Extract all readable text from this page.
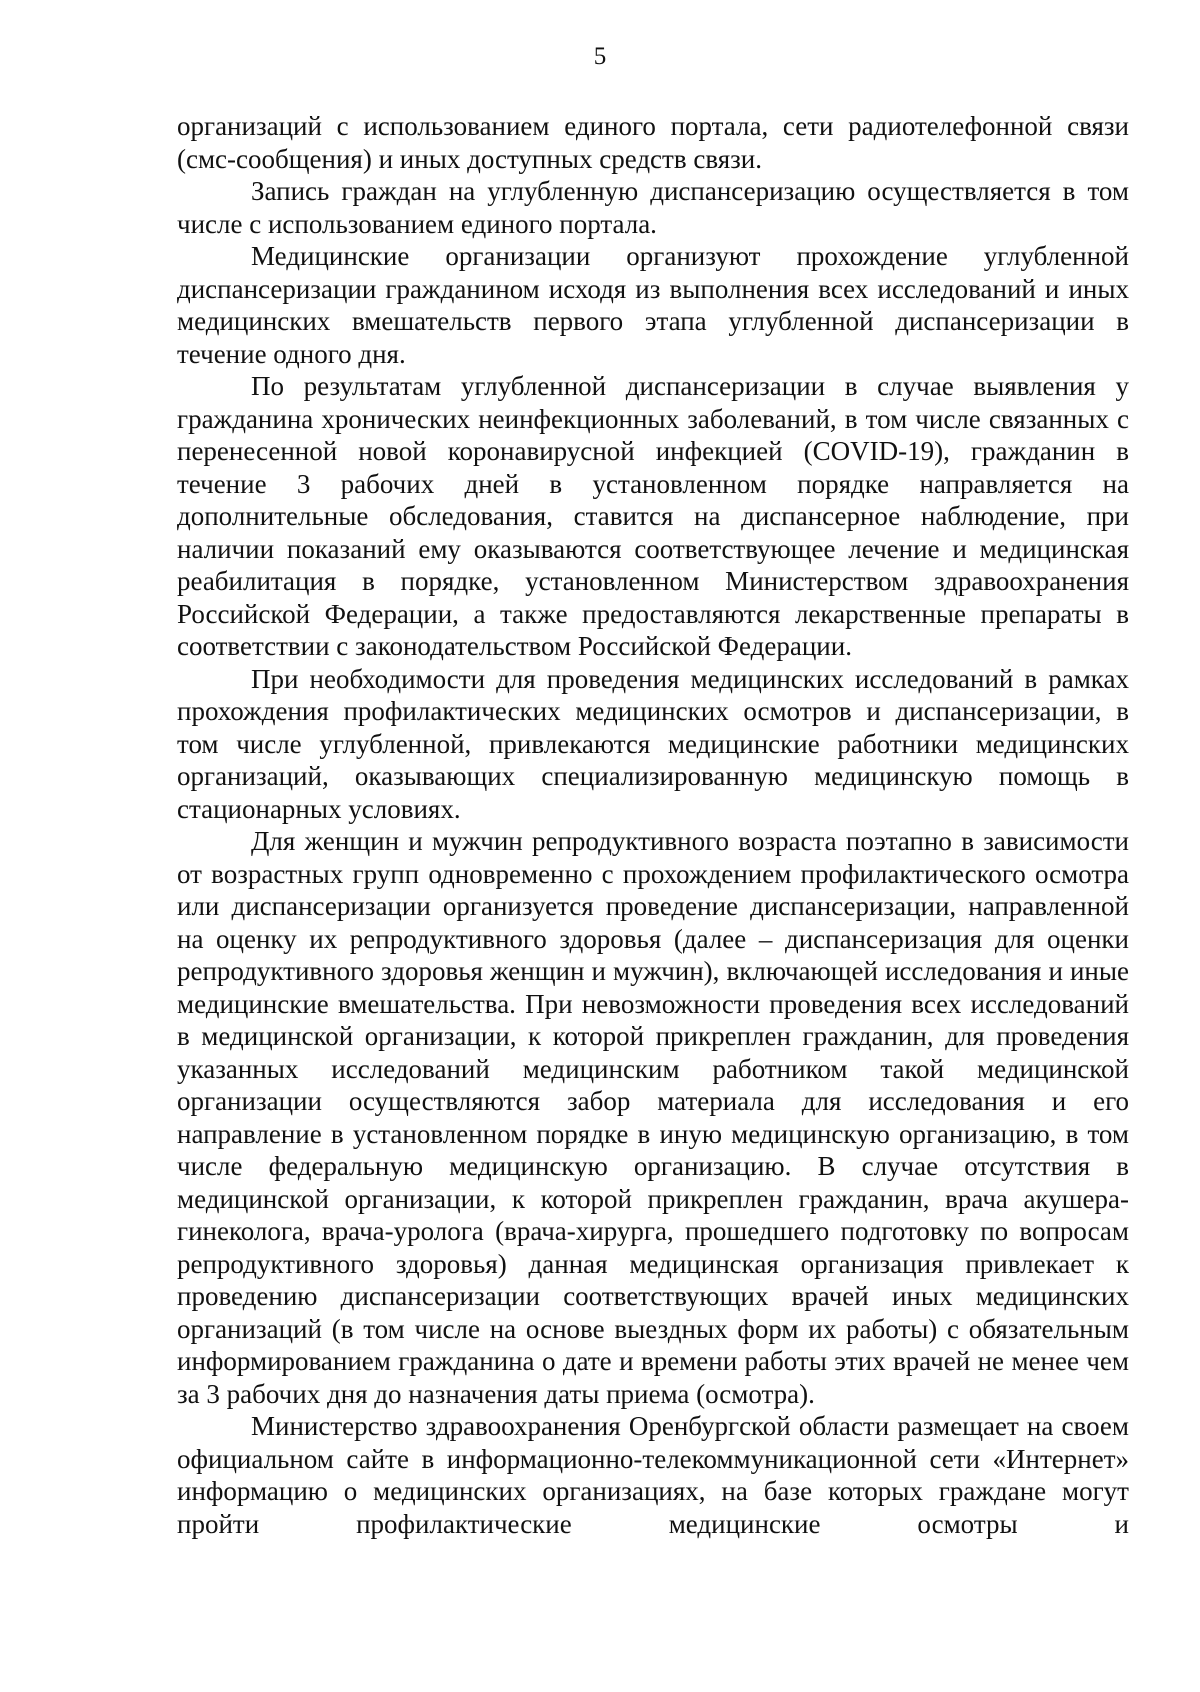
5

организаций с использованием единого портала, сети радиотелефонной связи (смс-сообщения) и иных доступных средств связи.

Запись граждан на углубленную диспансеризацию осуществляется в том числе с использованием единого портала.

Медицинские организации организуют прохождение углубленной диспансеризации гражданином исходя из выполнения всех исследований и иных медицинских вмешательств первого этапа углубленной диспансеризации в течение одного дня.

По результатам углубленной диспансеризации в случае выявления у гражданина хронических неинфекционных заболеваний, в том числе связанных с перенесенной новой коронавирусной инфекцией (COVID-19), гражданин в течение 3 рабочих дней в установленном порядке направляется на дополнительные обследования, ставится на диспансерное наблюдение, при наличии показаний ему оказываются соответствующее лечение и медицинская реабилитация в порядке, установленном Министерством здравоохранения Российской Федерации, а также предоставляются лекарственные препараты в соответствии с законодательством Российской Федерации.

При необходимости для проведения медицинских исследований в рамках прохождения профилактических медицинских осмотров и диспансеризации, в том числе углубленной, привлекаются медицинские работники медицинских организаций, оказывающих специализированную медицинскую помощь в стационарных условиях.

Для женщин и мужчин репродуктивного возраста поэтапно в зависимости от возрастных групп одновременно с прохождением профилактического осмотра или диспансеризации организуется проведение диспансеризации, направленной на оценку их репродуктивного здоровья (далее – диспансеризация для оценки репродуктивного здоровья женщин и мужчин), включающей исследования и иные медицинские вмешательства. При невозможности проведения всех исследований в медицинской организации, к которой прикреплен гражданин, для проведения указанных исследований медицинским работником такой медицинской организации осуществляются забор материала для исследования и его направление в установленном порядке в иную медицинскую организацию, в том числе федеральную медицинскую организацию. В случае отсутствия в медицинской организации, к которой прикреплен гражданин, врача акушера-гинеколога, врача-уролога (врача-хирурга, прошедшего подготовку по вопросам репродуктивного здоровья) данная медицинская организация привлекает к проведению диспансеризации соответствующих врачей иных медицинских организаций (в том числе на основе выездных форм их работы) с обязательным информированием гражданина о дате и времени работы этих врачей не менее чем за 3 рабочих дня до назначения даты приема (осмотра).

Министерство здравоохранения Оренбургской области размещает на своем официальном сайте в информационно-телекоммуникационной сети «Интернет» информацию о медицинских организациях, на базе которых граждане могут пройти профилактические медицинские осмотры и
